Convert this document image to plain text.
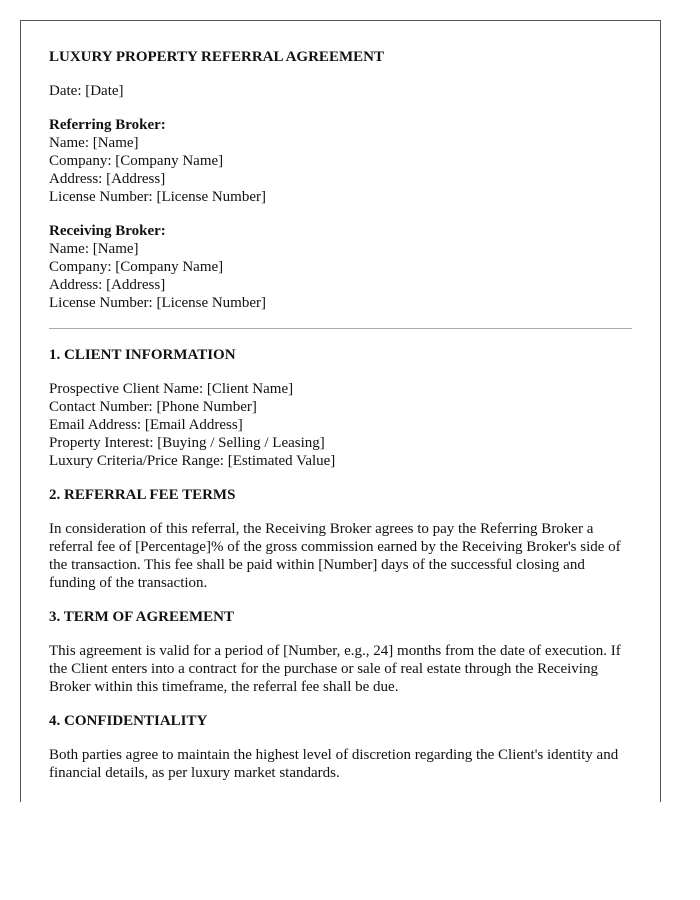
LUXURY PROPERTY REFERRAL AGREEMENT
Date: [Date]
Referring Broker:
Name: [Name]
Company: [Company Name]
Address: [Address]
License Number: [License Number]
Receiving Broker:
Name: [Name]
Company: [Company Name]
Address: [Address]
License Number: [License Number]
1. CLIENT INFORMATION
Prospective Client Name: [Client Name]
Contact Number: [Phone Number]
Email Address: [Email Address]
Property Interest: [Buying / Selling / Leasing]
Luxury Criteria/Price Range: [Estimated Value]
2. REFERRAL FEE TERMS

In consideration of this referral, the Receiving Broker agrees to pay the Referring Broker a referral fee of [Percentage]% of the gross commission earned by the Receiving Broker's side of the transaction. This fee shall be paid within [Number] days of the successful closing and funding of the transaction.

3. TERM OF AGREEMENT

This agreement is valid for a period of [Number, e.g., 24] months from the date of execution. If the Client enters into a contract for the purchase or sale of real estate through the Receiving Broker within this timeframe, the referral fee shall be due.

4. CONFIDENTIALITY

Both parties agree to maintain the highest level of discretion regarding the Client's identity and financial details, as per luxury market standards.
